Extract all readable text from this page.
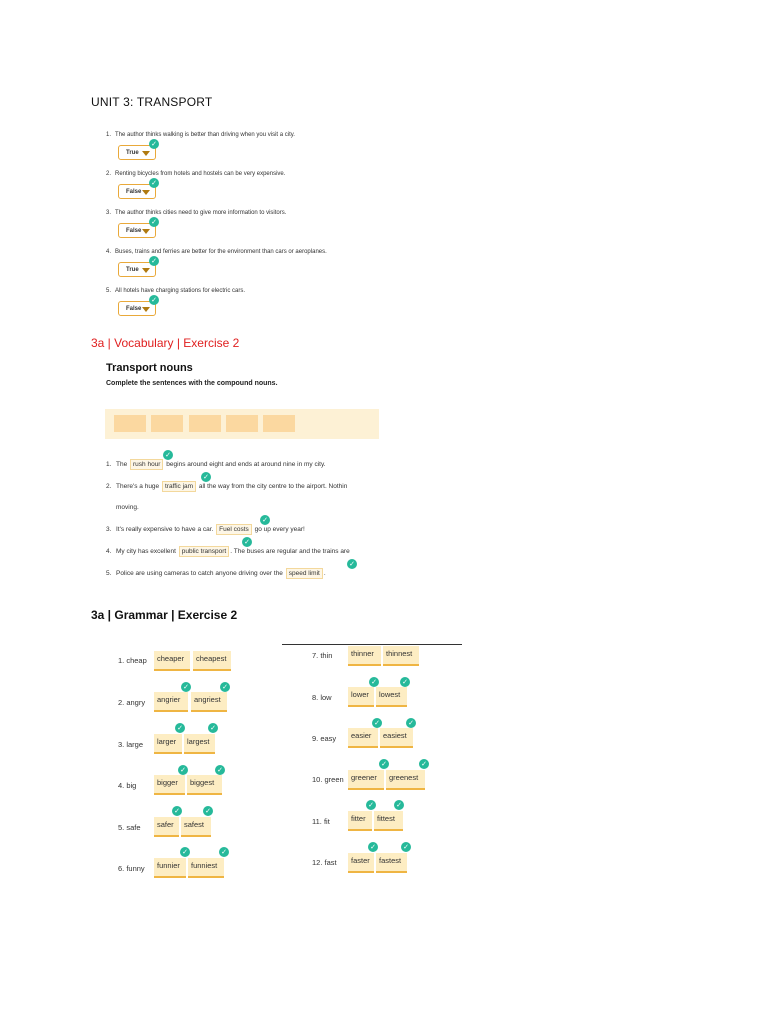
UNIT 3: TRANSPORT
1. The author thinks walking is better than driving when you visit a city.
True
✓
2. Renting bicycles from hotels and hostels can be very expensive.
False
✓
3. The author thinks cities need to give more information to visitors.
False
✓
4. Buses, trains and ferries are better for the environment than cars or aeroplanes.
True
✓
5. All hotels have charging stations for electric cars.
False
✓
3a | Vocabulary | Exercise 2
Transport nouns
Complete the sentences with the compound nouns.
1. The rush hour begins around eight and ends at around nine in my city.
✓
2. There's a huge traffic jam all the way from the city centre to the airport. Nothin
✓
moving.
3. It's really expensive to have a car. Fuel costs go up every year!
✓
4. My city has excellent public transport . The buses are regular and the trains are
✓
5. Police are using cameras to catch anyone driving over the speed limit .
✓
3a | Grammar | Exercise 2
1. cheap	cheaper	cheapest
2. angry	angrier	angriest
✓	✓
3. large	larger	largest
✓	✓
4. big	bigger	biggest
✓	✓
5. safe	safer	safest
✓	✓
6. funny	funnier	funniest
✓	✓
7. thin	thinner	thinnest
8. low	lower	lowest
✓	✓
9. easy	easier	easiest
✓	✓
10. green greener	greenest
✓	✓
11. fit	fitter	fittest
✓	✓
12. fast	faster	fastest
✓	✓
